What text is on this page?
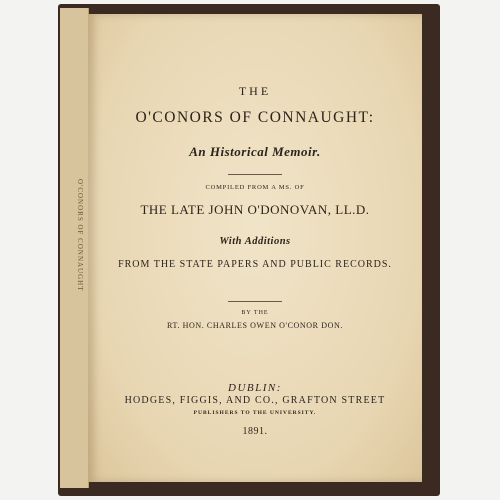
O'CONORS OF CONNAUGHT
THE
O'CONORS OF CONNAUGHT:
An Historical Memoir.
COMPILED FROM A MS. OF
THE LATE JOHN O'DONOVAN, LL.D.
With Additions
FROM THE STATE PAPERS AND PUBLIC RECORDS.
BY THE
RT. HON. CHARLES OWEN O'CONOR DON.
DUBLIN:
HODGES, FIGGIS, AND CO., GRAFTON STREET
PUBLISHERS TO THE UNIVERSITY.
1891.
